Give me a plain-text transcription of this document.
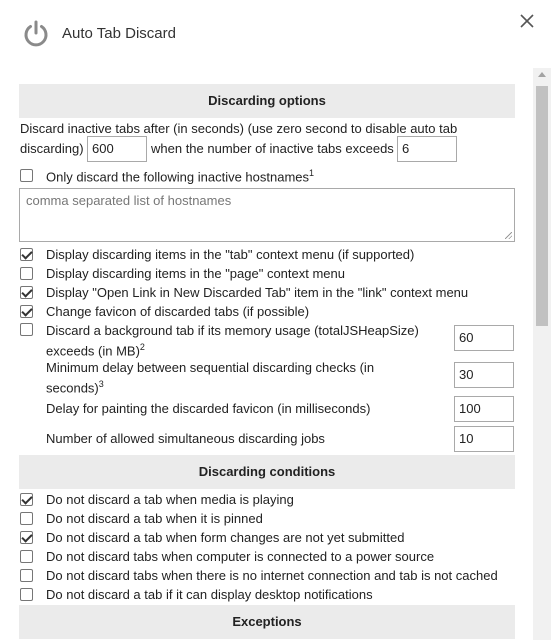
Auto Tab Discard
Discarding options
Discard inactive tabs after (in seconds) (use zero second to disable auto tab
discarding) 600	when the number of inactive tabs exceeds 6
Only discard the following inactive hostnames$^1$
comma separated list of hostnames
Display discarding items in the "tab" context menu (if supported)
Display discarding items in the "page" context menu
Display "Open Link in New Discarded Tab" item in the "link" context menu
Change favicon of discarded tabs (if possible)
Discard a background tab if its memory usage (totalJSHeapSize)
exceeds (in MB)$^2$
60
Minimum delay between sequential discarding checks (in
seconds)$^3$
30
Delay for painting the discarded favicon (in milliseconds)	100
Number of allowed simultaneous discarding jobs	10
Discarding conditions
Do not discard a tab when media is playing
Do not discard a tab when it is pinned
Do not discard a tab when form changes are not yet submitted
Do not discard tabs when computer is connected to a power source
Do not discard tabs when there is no internet connection and tab is not cached
Do not discard a tab if it can display desktop notifications
Exceptions
